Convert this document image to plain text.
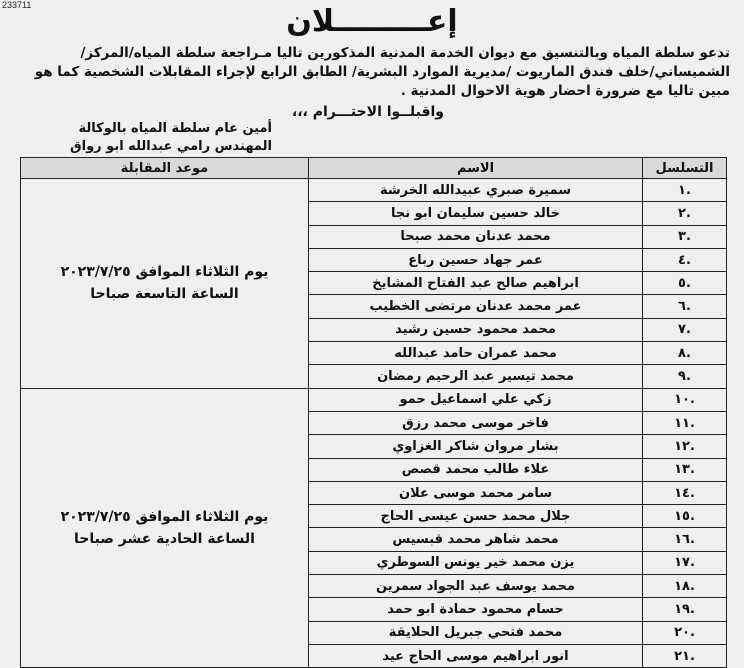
233711	إعـــــــــلان

تدعو سلطة المياه وبالتنسيق مع ديوان الخدمة المدنية المذكورين تاليا مـراجعة سلطة المياه/المركز/

الشميساني/خلف فندق الماريوت /مديرية الموارد البشرية/ الطابق الرابع لإجراء المقابلات الشخصية كما هو

مبين تاليا مع ضرورة احضار هوية الاحوال المدنية .

واقبلــوا الاحتـــرام ،،،
أمين عام سلطة المياه بالوكالة
المهندس رامي عبدالله ابو رواق
التسلسل	الاسم	موعد المقابلة
.١	سميرة صبري عبيدالله الخرشة	يوم الثلاثاء الموافق ٢٠٢٣/٧/٢٥
الساعة التاسعة صباحا

.٢	خالد حسين سليمان ابو نجا	
.٣	محمد عدنان محمد صبحا	
.٤	عمر جهاد حسين رباع	
.٥	ابراهيم صالح عبد الفتاح المشايخ	
.٦	عمر محمد عدنان مرتضى الخطيب	
.٧	محمد محمود حسين رشيد	
.٨	محمد عمران حامد عبدالله	
.٩	محمد تيسير عبد الرحيم رمضان	
.١٠	زكي علي اسماعيل حمو	يوم الثلاثاء الموافق ٢٠٢٣/٧/٢٥
الساعة الحادية عشر صباحا

.١١	فاخر موسى محمد رزق	
.١٢	بشار مروان شاكر الغزاوي	
.١٣	علاء طالب محمد قصص	
.١٤	سامر محمد موسى علان	
.١٥	جلال محمد حسن عيسى الحاج	
.١٦	محمد شاهر محمد قبسيس	
.١٧	يزن محمد خير يونس السوطري	
.١٨	محمد يوسف عبد الجواد سمرين	
.١٩	حسام محمود حمادة ابو حمد	
.٢٠	محمد فتحي جبريل الحلايقة	
.٢١	انور ابراهيم موسى الحاج عيد	
